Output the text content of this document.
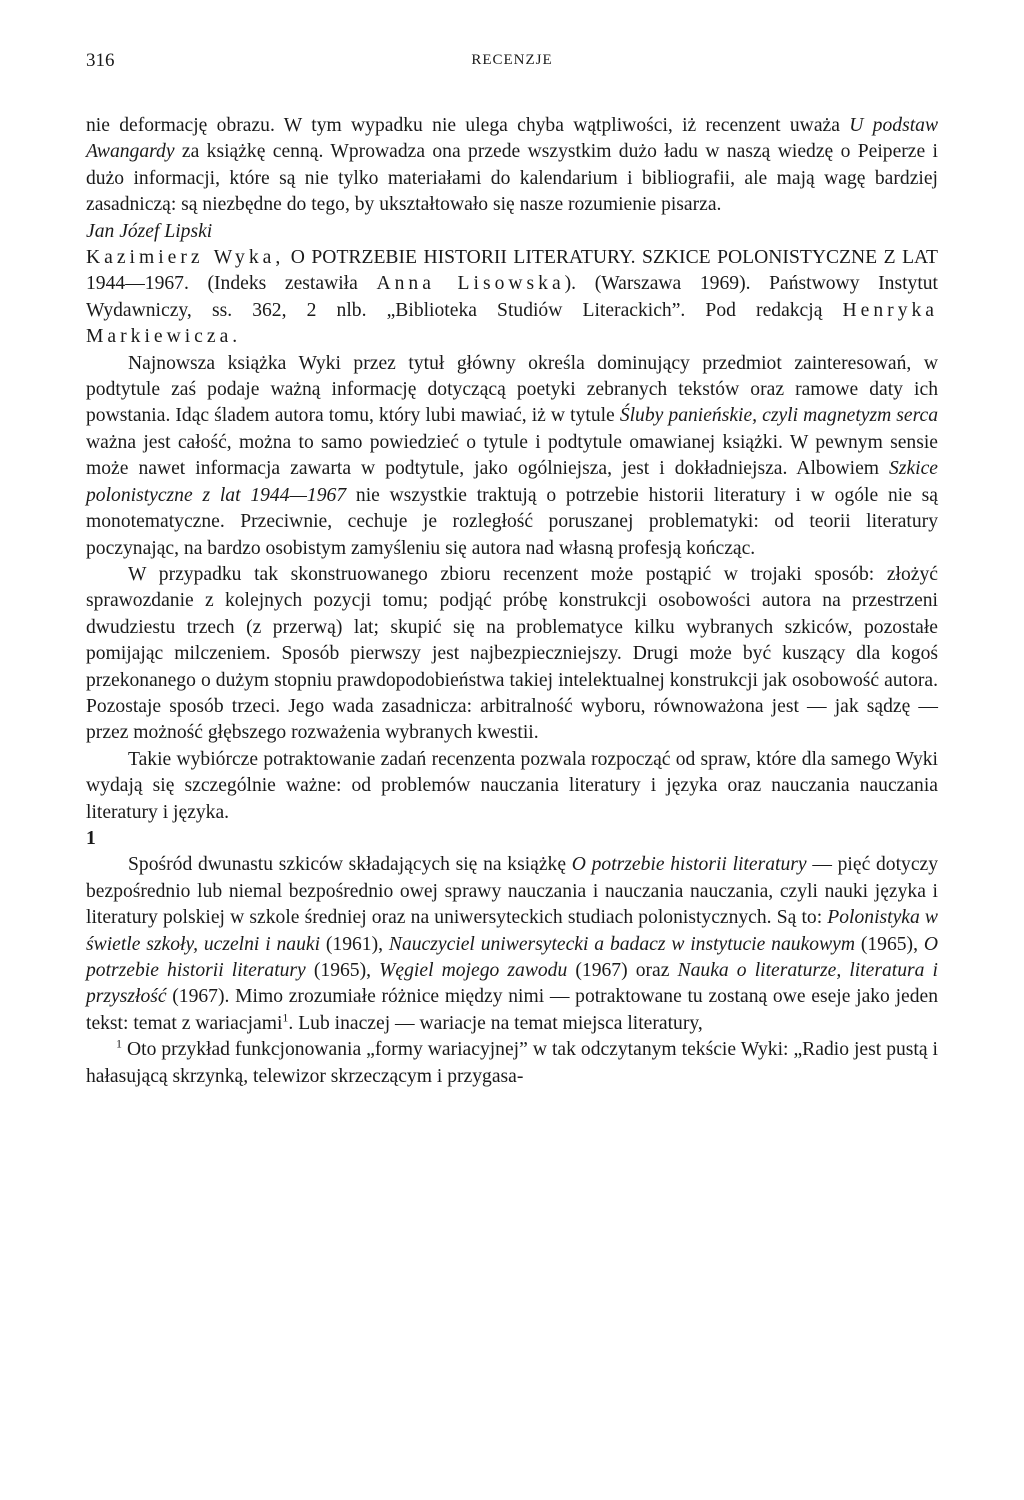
316	RECENZJE

nie deformację obrazu. W tym wypadku nie ulega chyba wątpliwości, iż recenzent uważa U podstaw Awangardy za książkę cenną. Wprowadza ona przede wszystkim dużo ładu w naszą wiedzę o Peiperze i dużo informacji, które są nie tylko materiałami do kalendarium i bibliografii, ale mają wagę bardziej zasadniczą: są niezbędne do tego, by ukształtowało się nasze rozumienie pisarza.

Jan Józef Lipski

Kazimierz Wyka, O POTRZEBIE HISTORII LITERATURY. SZKICE POLONISTYCZNE Z LAT 1944—1967. (Indeks zestawiła Anna Lisowska). (Warszawa 1969). Państwowy Instytut Wydawniczy, ss. 362, 2 nlb. „Biblioteka Studiów Literackich”. Pod redakcją Henryka Markiewicza.

Najnowsza książka Wyki przez tytuł główny określa dominujący przedmiot zainteresowań, w podtytule zaś podaje ważną informację dotyczącą poetyki zebranych tekstów oraz ramowe daty ich powstania. Idąc śladem autora tomu, który lubi mawiać, iż w tytule Śluby panieńskie, czyli magnetyzm serca ważna jest całość, można to samo powiedzieć o tytule i podtytule omawianej książki. W pewnym sensie może nawet informacja zawarta w podtytule, jako ogólniejsza, jest i dokładniejsza. Albowiem Szkice polonistyczne z lat 1944—1967 nie wszystkie traktują o potrzebie historii literatury i w ogóle nie są monotematyczne. Przeciwnie, cechuje je rozległość poruszanej problematyki: od teorii literatury poczynając, na bardzo osobistym zamyśleniu się autora nad własną profesją kończąc.

W przypadku tak skonstruowanego zbioru recenzent może postąpić w trojaki sposób: złożyć sprawozdanie z kolejnych pozycji tomu; podjąć próbę konstrukcji osobowości autora na przestrzeni dwudziestu trzech (z przerwą) lat; skupić się na problematyce kilku wybranych szkiców, pozostałe pomijając milczeniem. Sposób pierwszy jest najbezpieczniejszy. Drugi może być kuszący dla kogoś przekonanego o dużym stopniu prawdopodobieństwa takiej intelektualnej konstrukcji jak osobowość autora. Pozostaje sposób trzeci. Jego wada zasadnicza: arbitralność wyboru, równoważona jest — jak sądzę — przez możność głębszego rozważenia wybranych kwestii.

Takie wybiórcze potraktowanie zadań recenzenta pozwala rozpocząć od spraw, które dla samego Wyki wydają się szczególnie ważne: od problemów nauczania literatury i języka oraz nauczania nauczania literatury i języka.

1

Spośród dwunastu szkiców składających się na książkę O potrzebie historii literatury — pięć dotyczy bezpośrednio lub niemal bezpośrednio owej sprawy nauczania i nauczania nauczania, czyli nauki języka i literatury polskiej w szkole średniej oraz na uniwersyteckich studiach polonistycznych. Są to: Polonistyka w świetle szkoły, uczelni i nauki (1961), Nauczyciel uniwersytecki a badacz w instytucie naukowym (1965), O potrzebie historii literatury (1965), Węgiel mojego zawodu (1967) oraz Nauka o literaturze, literatura i przyszłość (1967). Mimo zrozumiałe różnice między nimi — potraktowane tu zostaną owe eseje jako jeden tekst: temat z wariacjami$^1$. Lub inaczej — wariacje na temat miejsca literatury,

$^1$ Oto przykład funkcjonowania „formy wariacyjnej” w tak odczytanym tekście Wyki: „Radio jest pustą i hałasującą skrzynką, telewizor skrzeczącym i przygasa-
